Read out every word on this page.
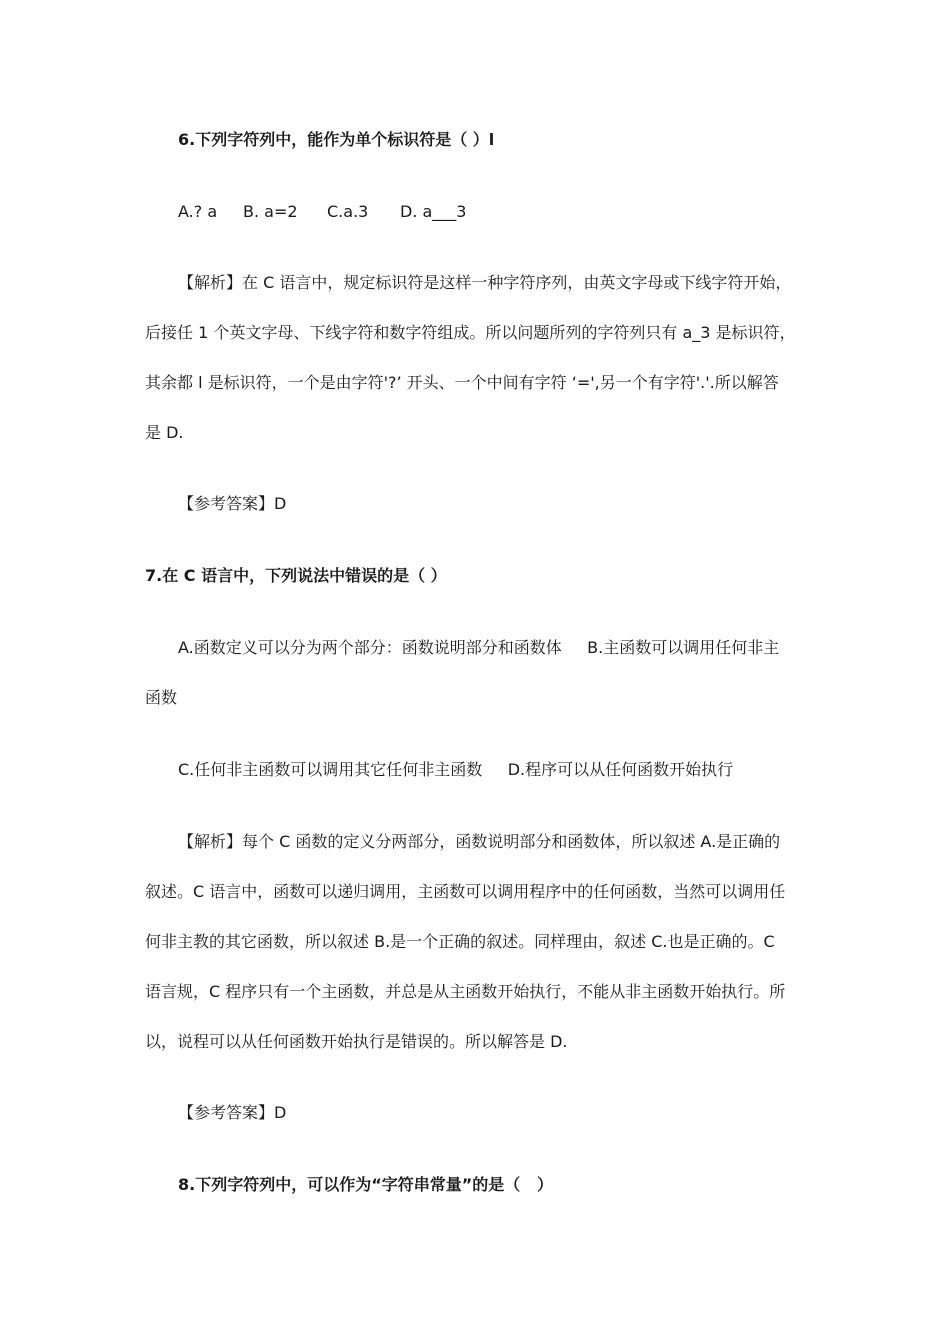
6.下列字符列中，能作为单个标识符是（ ）l
A.? a B. a=2 C.a.3 D. a___3
【解析】在 C 语言中，规定标识符是这样一种字符序列，由英文字母或下线字符开始，
后接任 1 个英文字母、下线字符和数字符组成。所以问题所列的字符列只有 a_3 是标识符，
其余都 l 是标识符，一个是由字符'?’ 开头、一个中间有字符 ‘=',另一个有字符'.'.所以解答
是 D.
【参考答案】D
7.在 C 语言中，下列说法中错误的是（ ）
A.函数定义可以分为两个部分：函数说明部分和函数体     B.主函数可以调用任何非主
函数
C.任何非主函数可以调用其它任何非主函数     D.程序可以从任何函数开始执行
【解析】每个 C 函数的定义分两部分，函数说明部分和函数体，所以叙述 A.是正确的
叙述。C 语言中，函数可以递归调用，主函数可以调用程序中的任何函数，当然可以调用任
何非主教的其它函数，所以叙述 B.是一个正确的叙述。同样理由，叙述 C.也是正确的。C
语言规，C 程序只有一个主函数，并总是从主函数开始执行，不能从非主函数开始执行。所
以，说程可以从任何函数开始执行是错误的。所以解答是 D.
【参考答案】D
8.下列字符列中，可以作为“字符串常量”的是（   ）
